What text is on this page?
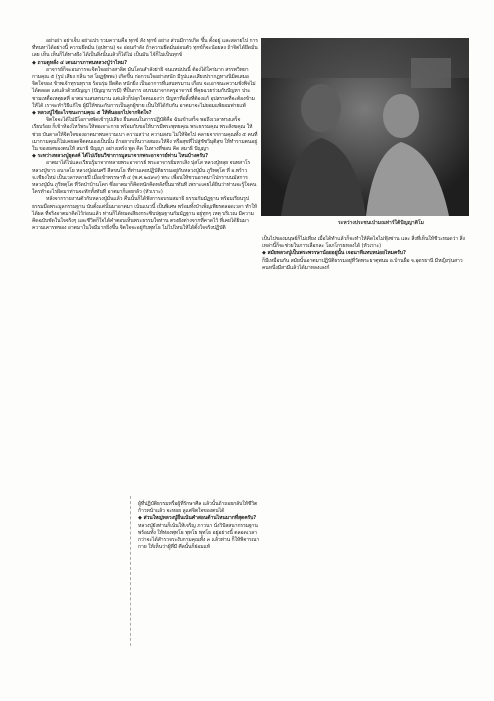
อย่าเผ่า อย่าเจ็บ อย่าแปร รวมความคือ ทุกข์ สัง ทุกข์ อย่าง ส่วนมีการเกิด ขึ้น ตั้งอยู่ และสลายไป การที่ทนทาได้อย่างนี้ ความยึดมั่น (อุปทาน) จะ อ่อนกำลัง ถ้าความยึดมั่นอ่อนตัว ทุกข์ก็จะน้อยลง ถ้าจิตได้ยึดมั่นเลย เห็น เห็นก็ได้ทางฝั่ง ได้เป็นสิ่งนั้นแล้วก็ได้ไม่ เป็นมัน ไจ้ก็ไม่เป็นทุกข์

◆ ถามดูหลั่ง ๔ เดนมารภาพนหลวงปู่ว่าไหม?

อาจารย์ก็จะอนการจะจิตใจอย่างสาลิต มันโดนสำลังย่ายิ จนแหน่ปนนี้ ต้องได้ใคร่มาก สรรพวิทยา กามคุณ ๕ (รูป เสียง กลิ่น รส โผฏฐัพพะ) เกิดขึ้น ก่อกวนใจอย่างหนัก มีรูปและเสียงปรากฏทางนิมิตเสมอ จิตใจของ ข้าพเจ้าทุรนทุราย ร้อนรุ่ม ยึดติด หนักยิ่ง เป็นอาการที่แสนทรมาน เกือบ จะเอาชนะความชั่งพิจไม่ได้ตลอด แต่แล้วด้วยปัญญา (ปัญญาบารมี) ที่ป็นการ อบรมมาจากครูอาจารย์ ที่คุยฉวยร่วมกับปัญหา ประชามเหตื่อเหตุผลที่ อาตมาแสนทรมาน แต่แล้วก็ปลุกใจตนเองว่า ปัญหาที่อลิ้งที่ต้องแก้ อุปสรรคที่จะต้องข้ามให้ได้ เราจะทำวิธีแก้ไข ผู้มีให้ชนะกับการเป็นลูกผู้ชาย เป็นให้ได้กับกัน อาตมาจะไม่ยอมแพ้ยอมพ่ายแพ้

◆ หลวงปู่ใช้อะไรชนะกามคุณ ๕ ให้พ้นออกไปจากจิตใจ?

จิตใจจะได้ไม่มีโอกาสพัดเข้ารูปเสียง ยืนตอนในการปฏิบัติคือ ฉันเข้าเสร็จ พอถึงเวลาทรงเสร็จเรียบร้อย ก็เข้าห้องไหว้พระให้พอเจาะกาย พร้อมกับขอให้บารมีพระพุทธคุณ พระธรรมคุณ พระสังฆคุณ ให้ช่วย บันดาลให้จิตใจของอาตมาพบความเบา ความสว่าง ความสงบ ไม่ให้จิตไป คลายจากกามคุณทั้ง ๕ คนที่เมากามคุณก็ไม่เคยลดจิตตนเองเป็นนั้น ถ้าอยากเห็นวางสมถะให้จิง หรือสุขที่ไปสู่ชัชวิมุติสุข ให้ทำรามตนอยู่ใน ของยสของตนให้ สมาธิ ปัญญา อย่างเพร์ง พูด คิด ในทางที่ชอบ คิด สมาธิ ปัญญา

◆ ระหว่างหลวงปู่ธุดงค์ ได้ไปเรียนวิชาการมูลนาจากพระอาจารย์ท่าน ไหนบ้างครับ?

อาตมาได้ไปและเรียนรู้มาจากหลายพระอาจารย์ พระอาจารย์มหาเสิง ปุสโส หลวงปู่หลุย จนทสาโร หลวงปู่ขาว อนาลโย หลวงปู่อ่อนศรี สีลขนโธ ที่ท่านเคยปฏิบัติธรรมอยู่กับหลวงปู่มั่น ภูริทตฺโต ที่ อ.พร้าว จ.เชียงใหม่ เป็นเวลาหลายปี เมื่อเข้าพรรษาที่ ๔ (พ.ศ.๒๔๙๙) พระ เพื่อนให้ชวนอาตมาไปกราบนมัสการหลวงปู่มั่น ภูริทตฺโต ที่วัดป่าบ้านโคก ซึ่งอาตมาก็คิดหนักคิดหลังขึ้นมาทันที เพราะเคยได้ยินว่าท่านจะรู้ใจคน ใครทำอะไรผิดมาท่านจะทักทั้งทันที อาตมาก็เลยกลัว (หัวเราะ)

หลังจากรายงานตัวกับหลวงปู่มั่นแล้ว คืนนั้นก็ได้ฟังการอบรมสมาธิ ธรรมกัมมัฏฐาน พร้อมเรียนรูปธรรมมือพระมูลกรรมฐาน นับตั้งแต่นั้นมาอาตมา เน้นแนวนี้ เป็นพิเศษ พร้อมทั้งบำเพ็ญเพียรตลอดเวลา ทำให้ได้ผล ที่จริงอาตมาคิดไว้ก่อนแล้ว ท่านก็ได้หมดเสียงกระซิบปฐมฐานกัมมัฏฐาน อยู่ทุกๆ เหตุ บริเวณ มีความคิดฉบับชัดในใจจริงๆ และชีวิตก็ใจได้คำตอบเห็นพระธรรมใจท่าน ตรงยังต่างจากที่คาดไว้ ที่เคยได้ยินมา ความเคารพของ อาตมาในใจมีมากยิ่งขึ้น จิตใจจะอยู่กับพุทโธ ไม่ไปไหนให้ได้ตั้งใจจริงปฏิบัติ

ระหว่างประชนเป่ามณท่าร์ใต้ปัญญาติโม

เป็นไปของมนุษย์ก็ไม่เที่ยง เมื่อได้ทำแล้วก็จะทำให้คิดไจไม่ฟุ้งซ่าน และ สิ่งที่เห็นให้ชีวะหมดว่า สิ่งเหล่านี้ก็จะช่วยในการเลือกละ โลภโกรธหลงได้ (หัวเราะ)

◆ สมัยหลวงปู่เป็นพระพรรษาน้อยอยู่นั้น เจอนาทีแทบหน่อยไหมครับ?

ก็มีเหมือนกัน สมัยนั้นอาตมาปฏิบัติธรรมอยู่ที่วัดพระธาตุพนม อ.บ้านผือ จ.อุดรธานี มีหญิงรุ่นสาวคนหนึ่งมีสามีแล้วได้มาหลงเลงก์

ผู้ที่ปฏิบัติธรรมหรือผู้ที่รักษาศีล แล้วนั้นถ้าถอยกลับให้ชีวิตก้าวหน้าแล้ว จะหอย ลูแต่จิตใจของตนได้

◆ ส่วนใหญ่หลวงปู่ยืนเน้นคำสอนด้านไหนมากที่สุดครับ?

หลวงปู่ยังท่านก็เน้นให้เจริญ ภาวนา นั่งวิปัสสนากรรมฐาน พร้อมทั้ง ให้ท่องพุทโธ พุทโธ พุทโธ อยู่อย่างนี้ ตลอดเวลา กว่าจะได้สำรวจระงับกามคุณทั้ง ๓ แล้วท่าน ก็ให้พิจารณากาย ให้เห็นว่าผู้ที่มี ศีลนั้นก็ย่อมแท้
